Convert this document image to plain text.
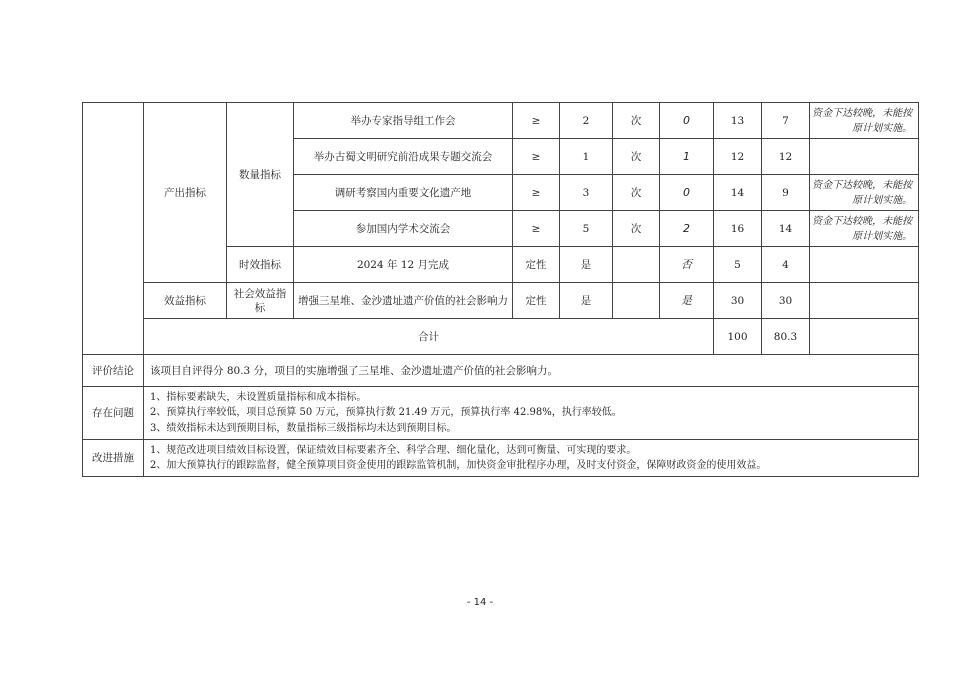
	产出指标	数量指标	举办专家指导组工作会	≥	2	次	0	13	7	资金下达较晚，未能按
原计划实施。

			举办古蜀文明研究前沿成果专题交流会	≥	1	次	1	12	12	

			调研考察国内重要文化遗产地	≥	3	次	0	14	9	资金下达较晚，未能按
原计划实施。

			参加国内学术交流会	≥	5	次	2	16	14	资金下达较晚，未能按
原计划实施。

		时效指标	2024 年 12 月完成	定性	是		否	5	4	
	效益指标	社会效益指标	增强三星堆、金沙遗址遗产价值的社会影响力	定性	是		是	30	30	
	合计							100	80.3	
评价结论	该项目自评得分 80.3 分，项目的实施增强了三星堆、金沙遗址遗产价值的社会影响力。									
存在问题	1、指标要素缺失，未设置质量指标和成本指标。
2、预算执行率较低，项目总预算 50 万元，预算执行数 21.49 万元，预算执行率 42.98%，执行率较低。
3、绩效指标未达到预期目标，数量指标三级指标均未达到预期目标。									

改进措施	1、规范改进项目绩效目标设置，保证绩效目标要素齐全、科学合理、细化量化，达到可衡量、可实现的要求。
2、加大预算执行的跟踪监督，健全预算项目资金使用的跟踪监管机制，加快资金审批程序办理，及时支付资金，保障财政资金的使用效益。									
- 14 -
